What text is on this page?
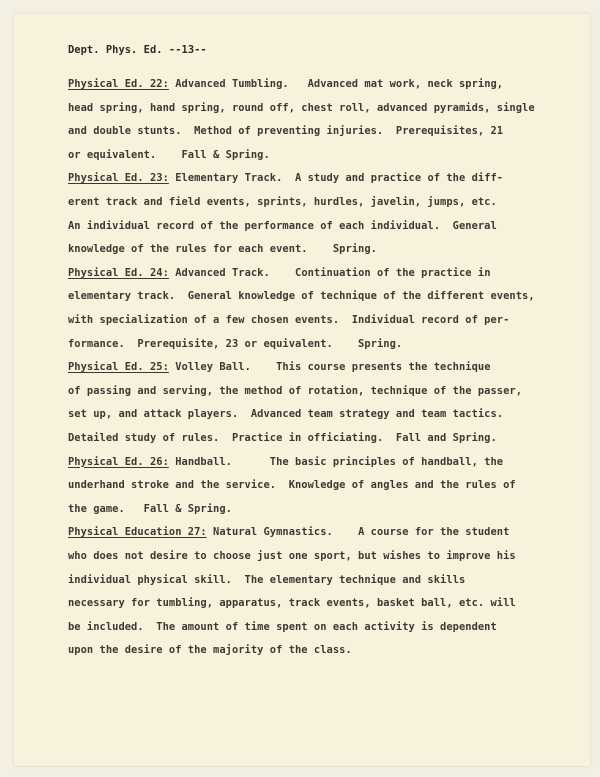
Dept. Phys. Ed. --13--
Physical Ed. 22: Advanced Tumbling.   Advanced mat work, neck spring,
head spring, hand spring, round off, chest roll, advanced pyramids, single
and double stunts.  Method of preventing injuries.  Prerequisites, 21
or equivalent.    Fall & Spring.
Physical Ed. 23: Elementary Track.  A study and practice of the diff-
erent track and field events, sprints, hurdles, javelin, jumps, etc.
An individual record of the performance of each individual.  General
knowledge of the rules for each event.    Spring.
Physical Ed. 24: Advanced Track.    Continuation of the practice in
elementary track.  General knowledge of technique of the different events,
with specialization of a few chosen events.  Individual record of per-
formance.  Prerequisite, 23 or equivalent.    Spring.
Physical Ed. 25: Volley Ball.    This course presents the technique
of passing and serving, the method of rotation, technique of the passer,
set up, and attack players.  Advanced team strategy and team tactics.
Detailed study of rules.  Practice in officiating.  Fall and Spring.
Physical Ed. 26: Handball.      The basic principles of handball, the
underhand stroke and the service.  Knowledge of angles and the rules of
the game.   Fall & Spring.
Physical Education 27: Natural Gymnastics.    A course for the student
who does not desire to choose just one sport, but wishes to improve his
individual physical skill.  The elementary technique and skills
necessary for tumbling, apparatus, track events, basket ball, etc. will
be included.  The amount of time spent on each activity is dependent
upon the desire of the majority of the class.
